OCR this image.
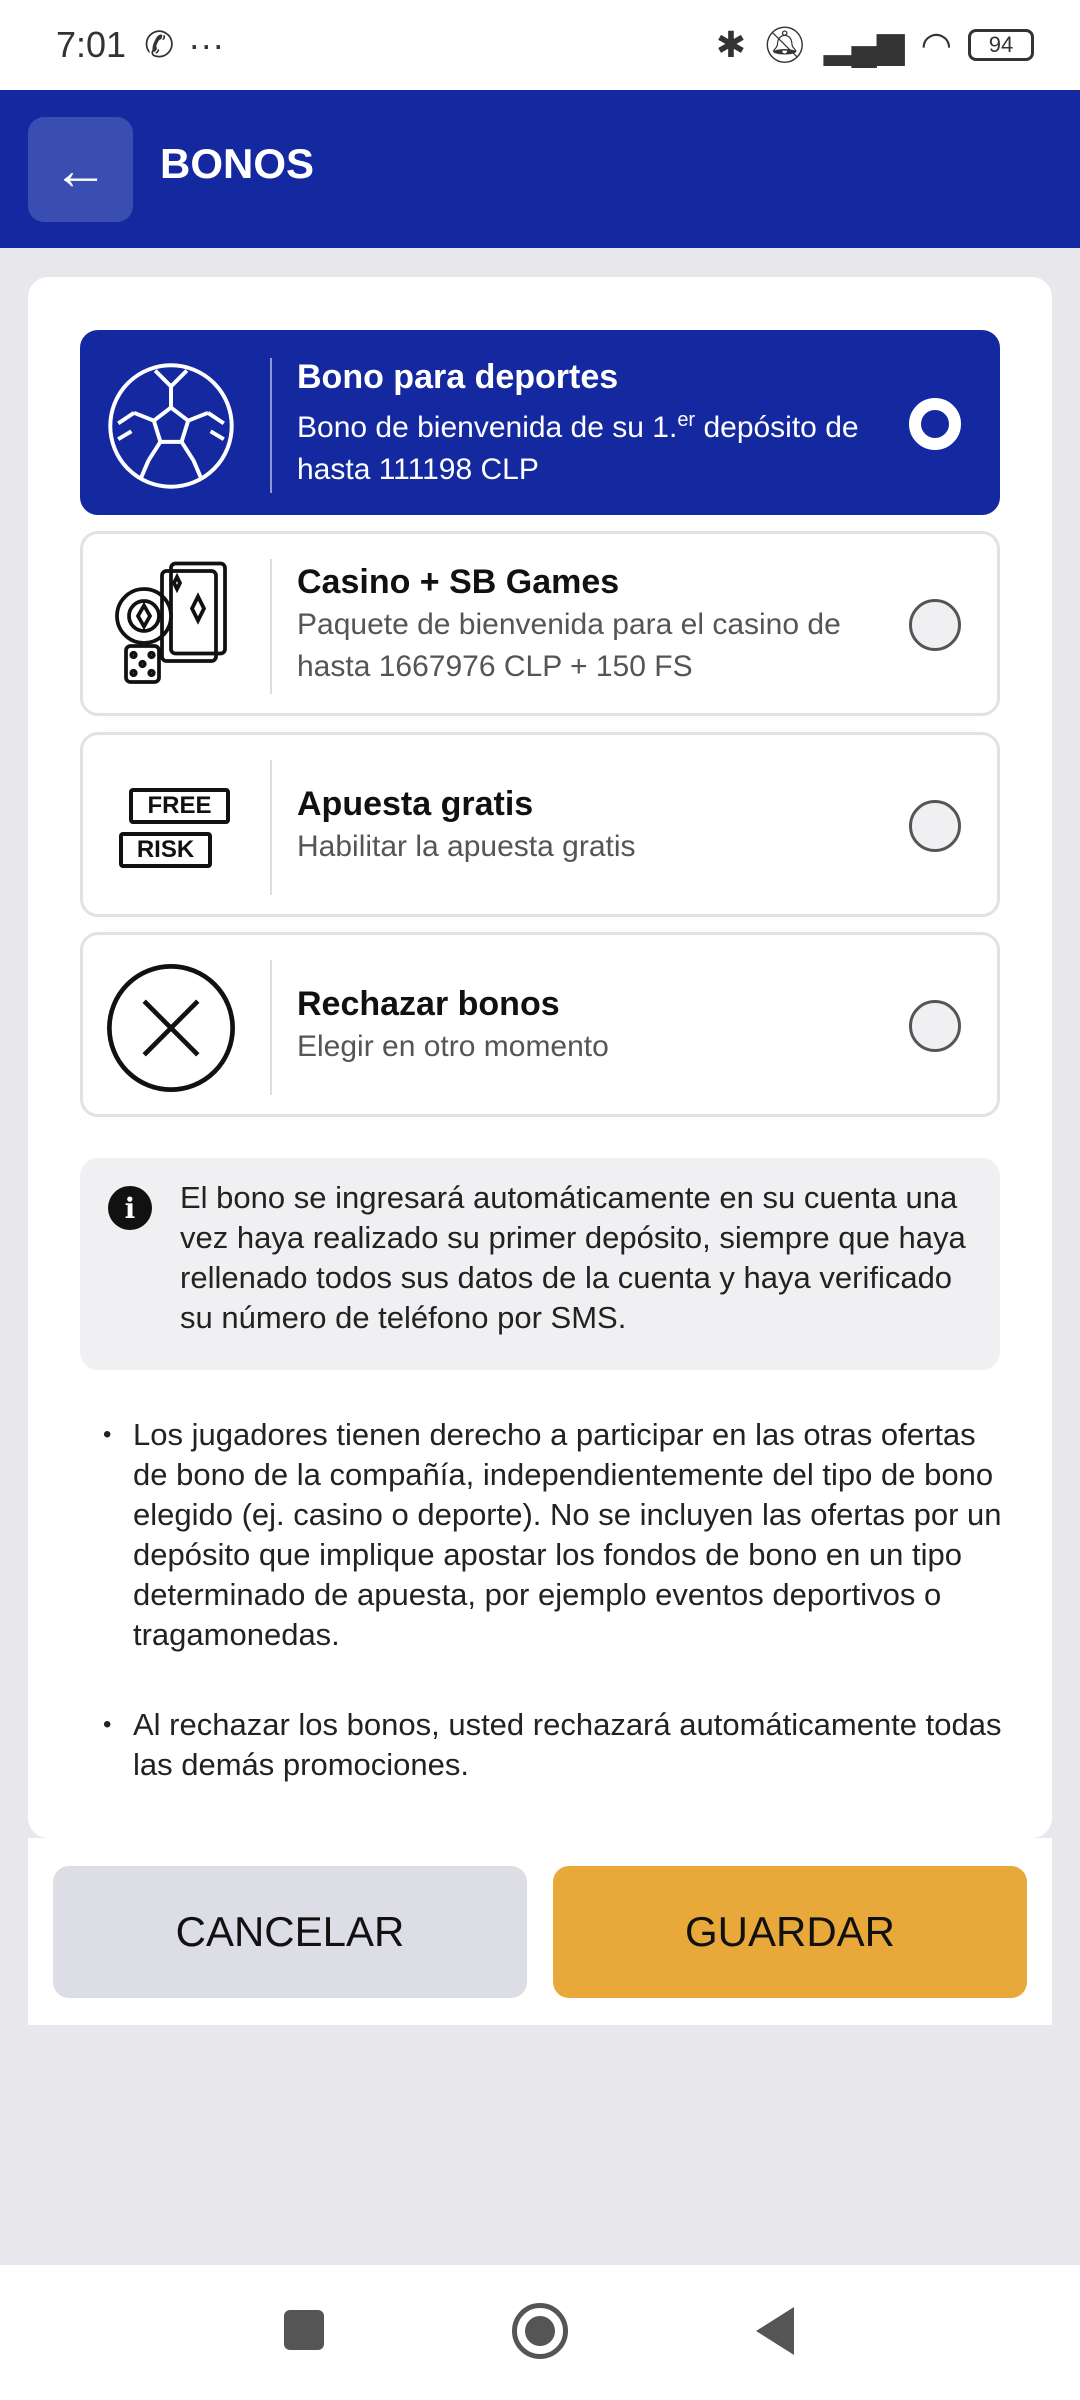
7:01 ✆ ···	✱ 🔕︎ ▂▄▆ ◠	94
← BONOS
Bono para deportes
Bono de bienvenida de su 1.$^{er}$ depósito de hasta 111198 CLP
Casino + SB Games
Paquete de bienvenida para el casino de hasta 1667976 CLP + 150 FS
FREE
RISK
Apuesta gratis
Habilitar la apuesta gratis
Rechazar bonos
Elegir en otro momento
i	El bono se ingresará automáticamente en su cuenta una vez haya realizado su primer depósito, siempre que haya rellenado todos sus datos de la cuenta y haya verificado su número de teléfono por SMS.
• Los jugadores tienen derecho a participar en las otras ofertas de bono de la compañía, independientemente del tipo de bono elegido (ej. casino o deporte). No se incluyen las ofertas por un depósito que implique apostar los fondos de bono en un tipo determinado de apuesta, por ejemplo eventos deportivos o tragamonedas.
• Al rechazar los bonos, usted rechazará automáticamente todas las demás promociones.
CANCELAR	GUARDAR
